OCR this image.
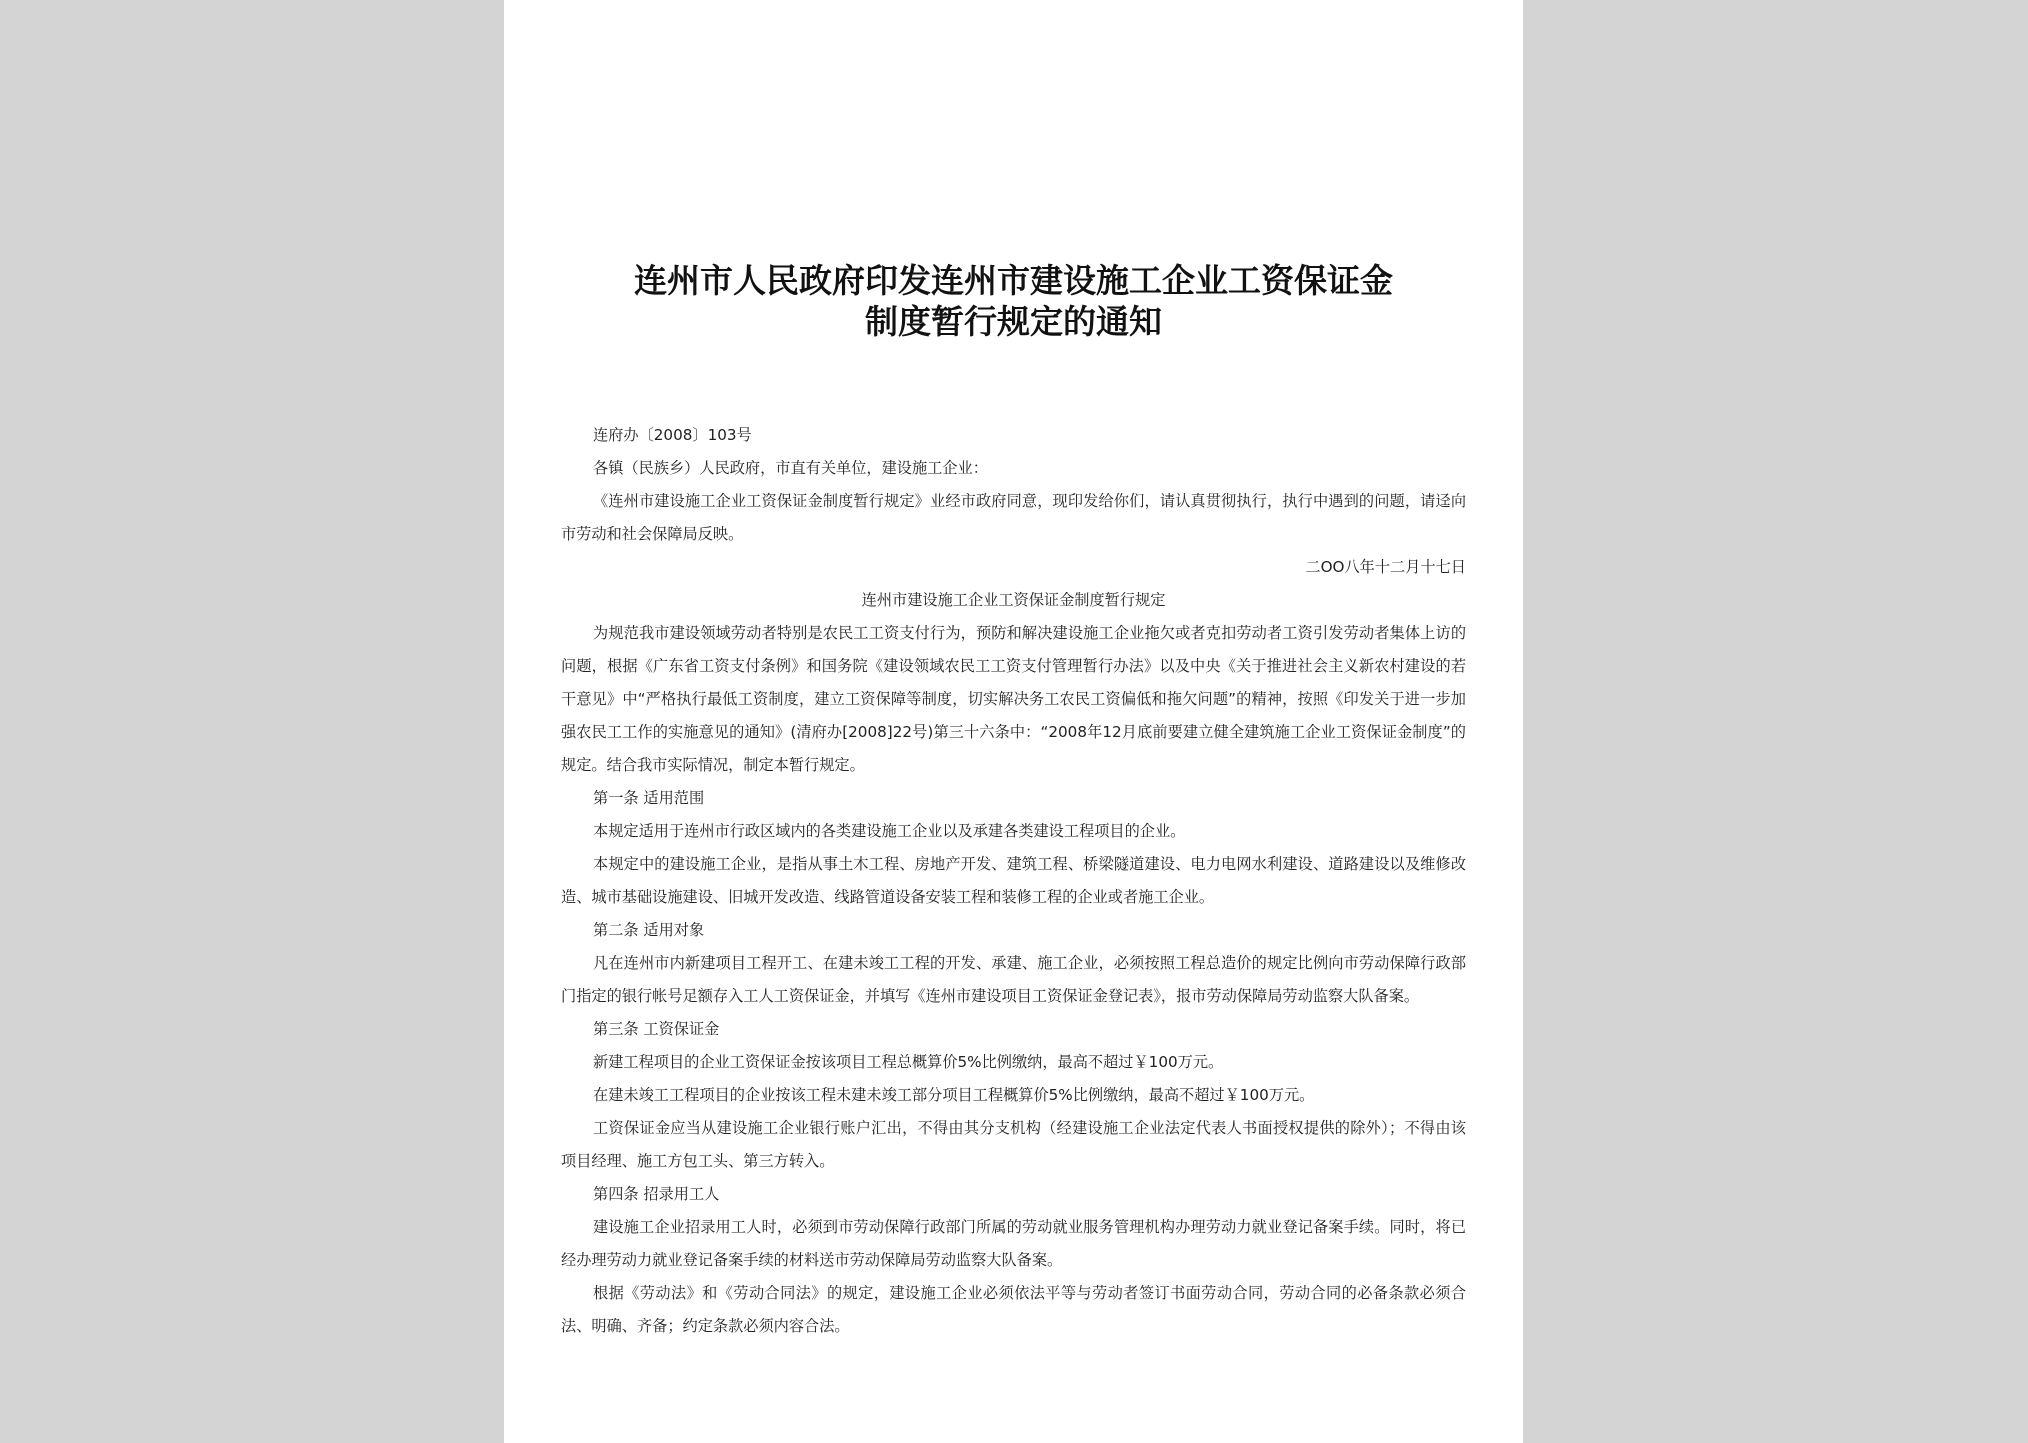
连州市人民政府印发连州市建设施工企业工资保证金
制度暂行规定的通知

连府办〔2008〕103号

各镇（民族乡）人民政府，市直有关单位，建设施工企业：

《连州市建设施工企业工资保证金制度暂行规定》业经市政府同意，现印发给你们，请认真贯彻执行，执行中遇到的问题，请迳向市劳动和社会保障局反映。

二OO八年十二月十七日

连州市建设施工企业工资保证金制度暂行规定

为规范我市建设领域劳动者特别是农民工工资支付行为，预防和解决建设施工企业拖欠或者克扣劳动者工资引发劳动者集体上访的问题，根据《广东省工资支付条例》和国务院《建设领域农民工工资支付管理暂行办法》以及中央《关于推进社会主义新农村建设的若干意见》中“严格执行最低工资制度，建立工资保障等制度，切实解决务工农民工资偏低和拖欠问题”的精神，按照《印发关于进一步加强农民工工作的实施意见的通知》(清府办[2008]22号)第三十六条中：“2008年12月底前要建立健全建筑施工企业工资保证金制度”的规定。结合我市实际情况，制定本暂行规定。

第一条 适用范围

本规定适用于连州市行政区域内的各类建设施工企业以及承建各类建设工程项目的企业。

本规定中的建设施工企业，是指从事土木工程、房地产开发、建筑工程、桥梁隧道建设、电力电网水利建设、道路建设以及维修改造、城市基础设施建设、旧城开发改造、线路管道设备安装工程和装修工程的企业或者施工企业。

第二条 适用对象

凡在连州市内新建项目工程开工、在建未竣工工程的开发、承建、施工企业，必须按照工程总造价的规定比例向市劳动保障行政部门指定的银行帐号足额存入工人工资保证金，并填写《连州市建设项目工资保证金登记表》，报市劳动保障局劳动监察大队备案。

第三条 工资保证金

新建工程项目的企业工资保证金按该项目工程总概算价5%比例缴纳，最高不超过￥100万元。

在建未竣工工程项目的企业按该工程未建未竣工部分项目工程概算价5%比例缴纳，最高不超过￥100万元。

工资保证金应当从建设施工企业银行账户汇出，不得由其分支机构（经建设施工企业法定代表人书面授权提供的除外）；不得由该项目经理、施工方包工头、第三方转入。

第四条 招录用工人

建设施工企业招录用工人时，必须到市劳动保障行政部门所属的劳动就业服务管理机构办理劳动力就业登记备案手续。同时，将已经办理劳动力就业登记备案手续的材料送市劳动保障局劳动监察大队备案。

根据《劳动法》和《劳动合同法》的规定，建设施工企业必须依法平等与劳动者签订书面劳动合同，劳动合同的必备条款必须合法、明确、齐备；约定条款必须内容合法。
